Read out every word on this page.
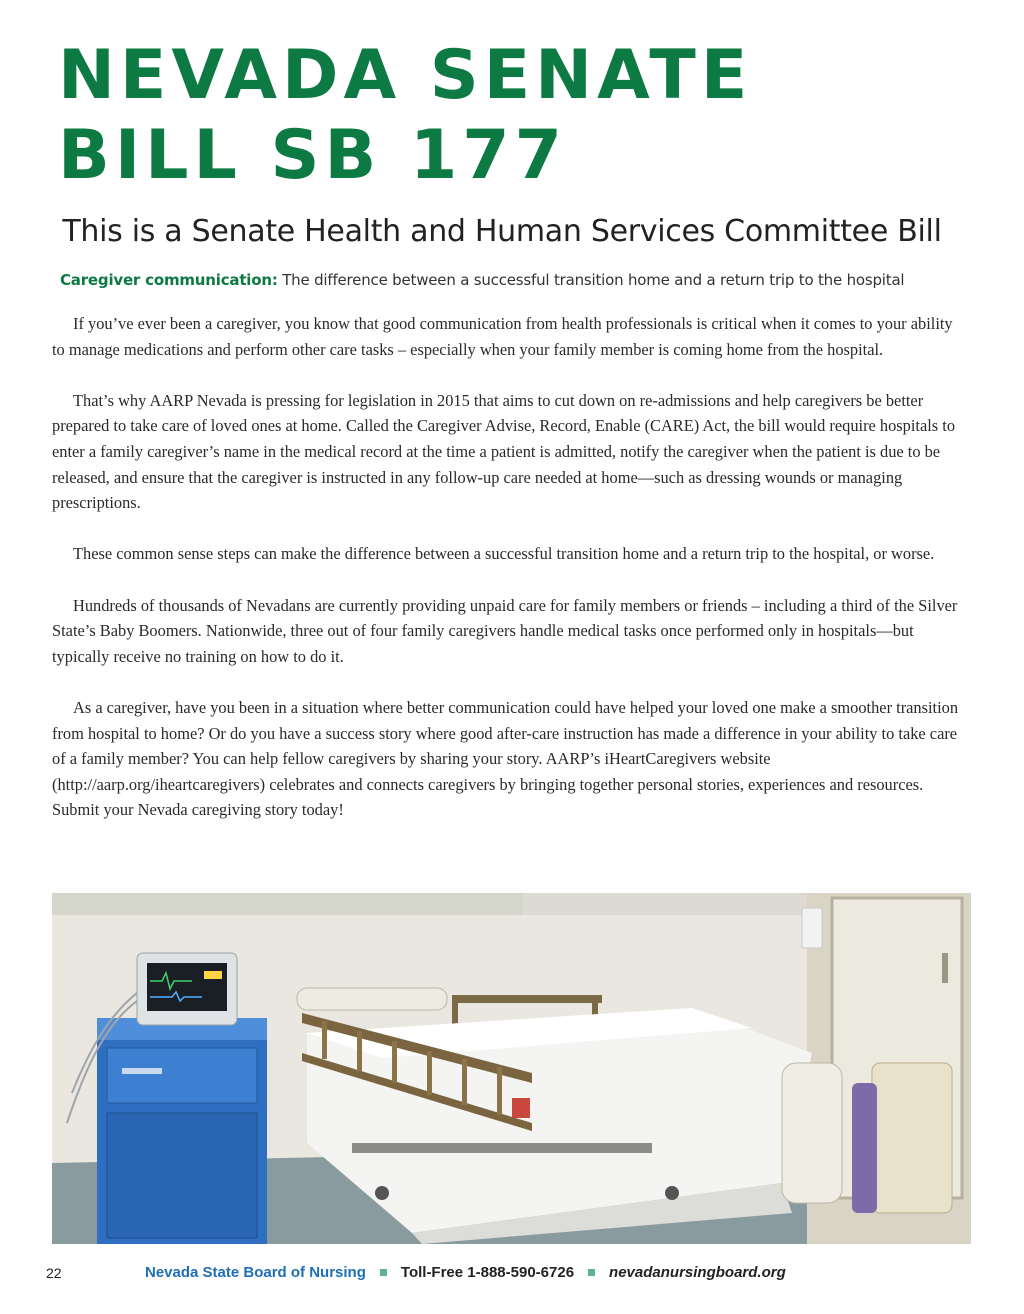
NEVADA SENATE
BILL SB 177
This is a Senate Health and Human Services Committee Bill
Caregiver communication: The difference between a successful transition home and a return trip to the hospital

If you’ve ever been a caregiver, you know that good communication from health professionals is critical when it comes to your ability to manage medications and perform other care tasks – especially when your family member is coming home from the hospital.

That’s why AARP Nevada is pressing for legislation in 2015 that aims to cut down on re-admissions and help caregivers be better prepared to take care of loved ones at home. Called the Caregiver Advise, Record, Enable (CARE) Act, the bill would require hospitals to enter a family caregiver’s name in the medical record at the time a patient is admitted, notify the caregiver when the patient is due to be released, and ensure that the caregiver is instructed in any follow-up care needed at home—such as dressing wounds or managing prescriptions.

These common sense steps can make the difference between a successful transition home and a return trip to the hospital, or worse.

Hundreds of thousands of Nevadans are currently providing unpaid care for family members or friends – including a third of the Silver State’s Baby Boomers. Nationwide, three out of four family caregivers handle medical tasks once performed only in hospitals—but typically receive no training on how to do it.

As a caregiver, have you been in a situation where better communication could have helped your loved one make a smoother transition from hospital to home? Or do you have a success story where good after-care instruction has made a difference in your ability to take care of a family member? You can help fellow caregivers by sharing your story. AARP’s iHeartCaregivers website (http://aarp.org/iheartcaregivers) celebrates and connects caregivers by bringing together personal stories, experiences and resources. Submit your Nevada caregiving story today!

22	Nevada State Board of Nursing Toll-Free 1-888-590-6726 nevadanursingboard.org
